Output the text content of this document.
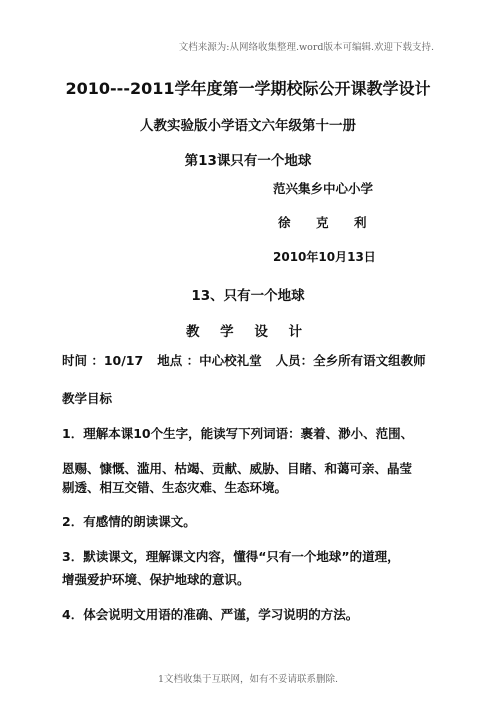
文档来源为:从网络收集整理.word版本可编辑.欢迎下载支持.
2010---2011学年度第一学期校际公开课教学设计
人教实验版小学语文六年级第十一册
第13课只有一个地球
范兴集乡中心小学
徐 克 利
2010年10月13日
13、只有一个地球
教 学 设 计
时间 ：10/17 地点 ：中心校礼堂 人员：全乡所有语文组教师
教学目标
1．理解本课10个生字，能读写下列词语：裹着、渺小、范围、
恩赐、慷慨、滥用、枯竭、贡献、威胁、目睹、和蔼可亲、晶莹
剔透、相互交错、生态灾难、生态环境。
2．有感情的朗读课文。
3．默读课文，理解课文内容，懂得“只有一个地球”的道理，
增强爱护环境、保护地球的意识。
4．体会说明文用语的准确、严谨，学习说明的方法。
1文档收集于互联网，如有不妥请联系删除.
